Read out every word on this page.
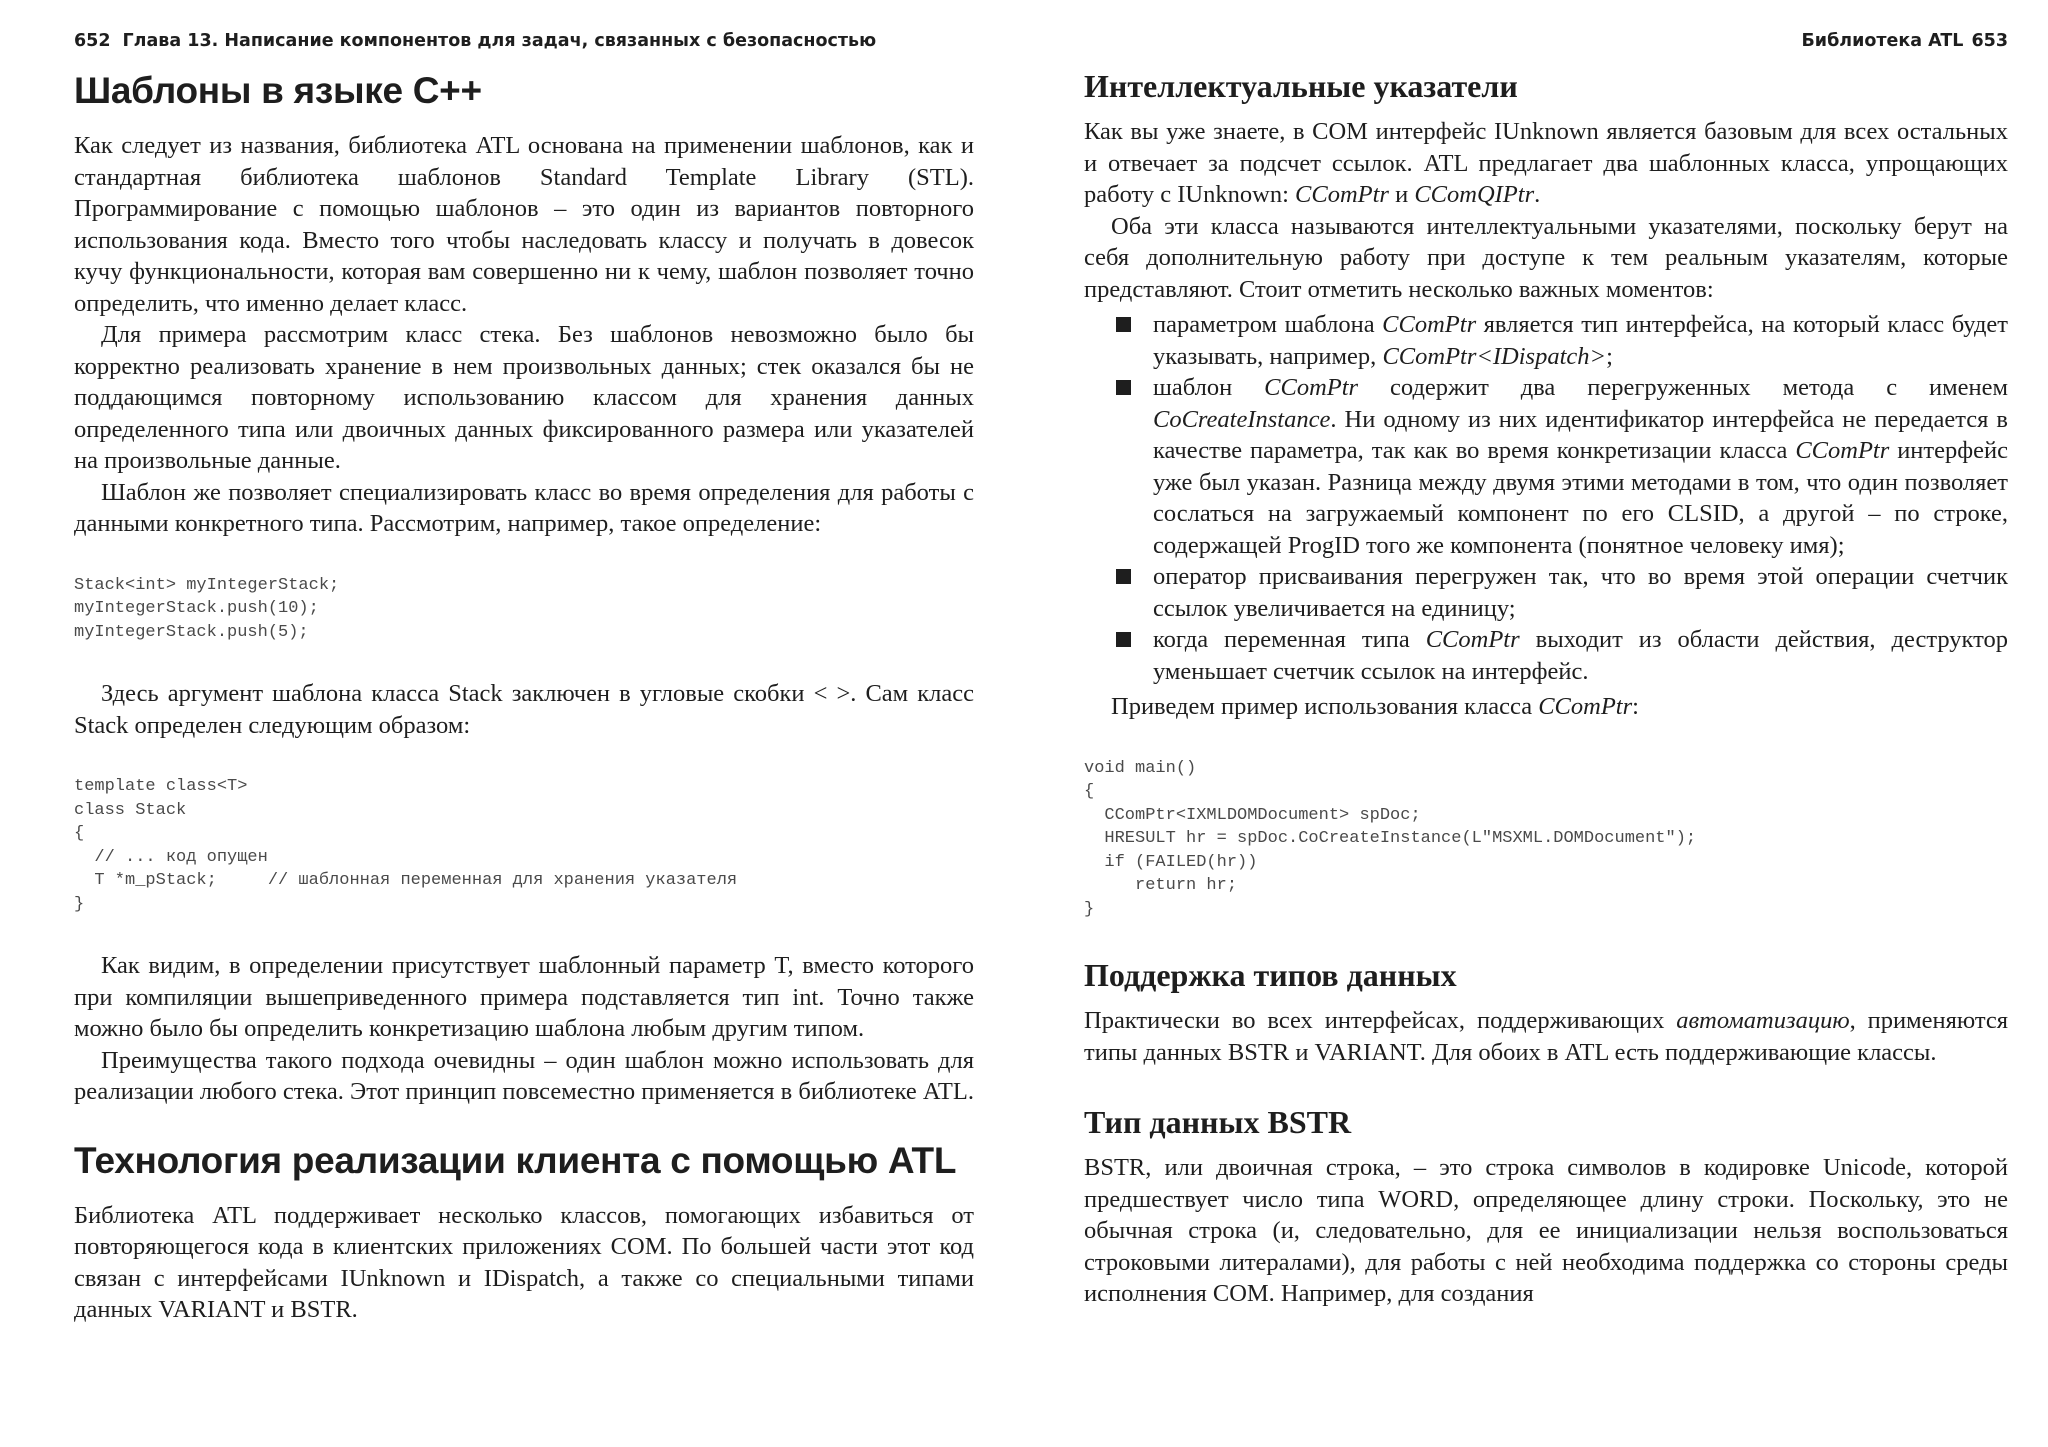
652 Глава 13. Написание компонентов для задач, связанных с безопасностью
Шаблоны в языке C++

Как следует из названия, библиотека ATL основана на применении шаблонов, как и стандартная библиотека шаблонов Standard Template Library (STL). Программирование с помощью шаблонов – это один из вариантов повторного использования кода. Вместо того чтобы наследовать классу и получать в довесок кучу функциональности, которая вам совершенно ни к чему, шаблон позволяет точно определить, что именно делает класс.

Для примера рассмотрим класс стека. Без шаблонов невозможно было бы корректно реализовать хранение в нем произвольных данных; стек оказался бы не поддающимся повторному использованию классом для хранения данных определенного типа или двоичных данных фиксированного размера или указателей на произвольные данные.

Шаблон же позволяет специализировать класс во время определения для работы с данными конкретного типа. Рассмотрим, например, такое определение:

Stack<int> myIntegerStack;
myIntegerStack.push(10);
myIntegerStack.push(5);

Здесь аргумент шаблона класса Stack заключен в угловые скобки < >. Сам класс Stack определен следующим образом:

template class<T>
class Stack
{
// ... код опущен
T *m_pStack;     // шаблонная переменная для хранения указателя
}

Как видим, в определении присутствует шаблонный параметр T, вместо которого при компиляции вышеприведенного примера подставляется тип int. Точно также можно было бы определить конкретизацию шаблона любым другим типом.

Преимущества такого подхода очевидны – один шаблон можно использовать для реализации любого стека. Этот принцип повсеместно применяется в библиотеке ATL.

Технология реализации клиента с помощью ATL

Библиотека ATL поддерживает несколько классов, помогающих избавиться от повторяющегося кода в клиентских приложениях COM. По большей части этот код связан с интерфейсами IUnknown и IDispatch, а также со специальными типами данных VARIANT и BSTR.

Библиотека ATL 653
Интеллектуальные указатели

Как вы уже знаете, в COM интерфейс IUnknown является базовым для всех остальных и отвечает за подсчет ссылок. ATL предлагает два шаблонных класса, упрощающих работу с IUnknown: CComPtr и CComQIPtr.

Оба эти класса называются интеллектуальными указателями, поскольку берут на себя дополнительную работу при доступе к тем реальным указателям, которые представляют. Стоит отметить несколько важных моментов:

параметром шаблона CComPtr является тип интерфейса, на который класс будет указывать, например, CComPtr<IDispatch>;
шаблон CComPtr содержит два перегруженных метода с именем CoCreateInstance. Ни одному из них идентификатор интерфейса не передается в качестве параметра, так как во время конкретизации класса CComPtr интерфейс уже был указан. Разница между двумя этими методами в том, что один позволяет сослаться на загружаемый компонент по его CLSID, а другой – по строке, содержащей ProgID того же компонента (понятное человеку имя);
оператор присваивания перегружен так, что во время этой операции счетчик ссылок увеличивается на единицу;
когда переменная типа CComPtr выходит из области действия, деструктор уменьшает счетчик ссылок на интерфейс.

Приведем пример использования класса CComPtr:

void main()
{
CComPtr<IXMLDOMDocument> spDoc;
HRESULT hr = spDoc.CoCreateInstance(L"MSXML.DOMDocument");
if (FAILED(hr))
return hr;
}
Поддержка типов данных

Практически во всех интерфейсах, поддерживающих автоматизацию, применяются типы данных BSTR и VARIANT. Для обоих в ATL есть поддерживающие классы.

Тип данных BSTR

BSTR, или двоичная строка, – это строка символов в кодировке Unicode, которой предшествует число типа WORD, определяющее длину строки. Поскольку, это не обычная строка (и, следовательно, для ее инициализации нельзя воспользоваться строковыми литералами), для работы с ней необходима поддержка со стороны среды исполнения COM. Например, для создания
